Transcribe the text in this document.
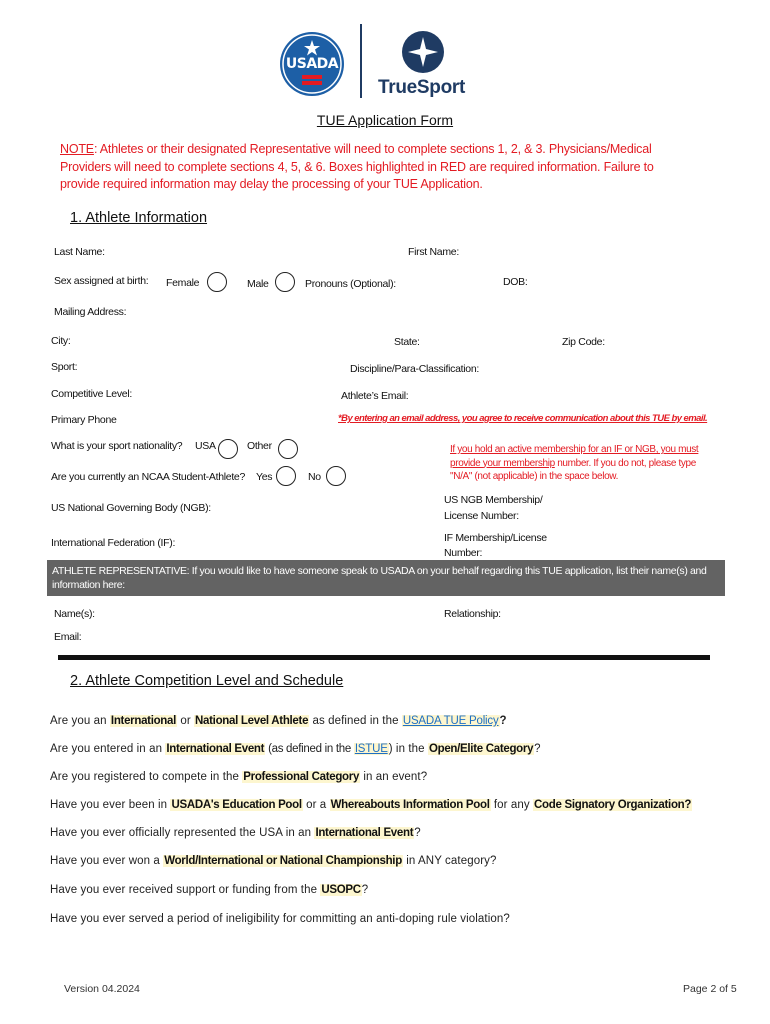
USADA
TrueSport
TUE Application Form
NOTE: Athletes or their designated Representative will need to complete sections 1, 2, & 3. Physicians/Medical
Providers will need to complete sections 4, 5, & 6. Boxes highlighted in RED are required information. Failure to
provide required information may delay the processing of your TUE Application.
1. Athlete Information
Last Name:	First Name:
Sex assigned at birth: Female	Male	Pronouns (Optional):	DOB:
Mailing Address:
City:	State:	Zip Code:
Sport:	Discipline/Para-Classification:
Competitive Level:	Athlete’s Email:
Primary Phone	*By entering an email address, you agree to receive communication about this TUE by email.
What is your sport nationality? USA	Other	If you hold an active membership for an IF or NGB, you must
provide your membership number. If you do not, please type
"N/A" (not applicable) in the space below.
Are you currently an NCAA Student-Athlete? Yes	No
US National Governing Body (NGB):
US NGB Membership/
License Number:
International Federation (IF):	IF Membership/License
Number:
ATHLETE REPRESENTATIVE: If you would like to have someone speak to USADA on your behalf regarding this TUE application, list their name(s) and
information here:
Name(s):	Relationship:
Email:
2. Athlete Competition Level and Schedule
Are you an International or National Level Athlete as defined in the USADA TUE Policy?
Are you entered in an International Event (as defined in the ISTUE) in the Open/Elite Category?
Are you registered to compete in the Professional Category in an event?
Have you ever been in USADA's Education Pool or a Whereabouts Information Pool for any Code Signatory Organization?
Have you ever officially represented the USA in an International Event?
Have you ever won a World/International or National Championship in ANY category?
Have you ever received support or funding from the USOPC?
Have you ever served a period of ineligibility for committing an anti-doping rule violation?
Version 04.2024	Page 2 of 5
